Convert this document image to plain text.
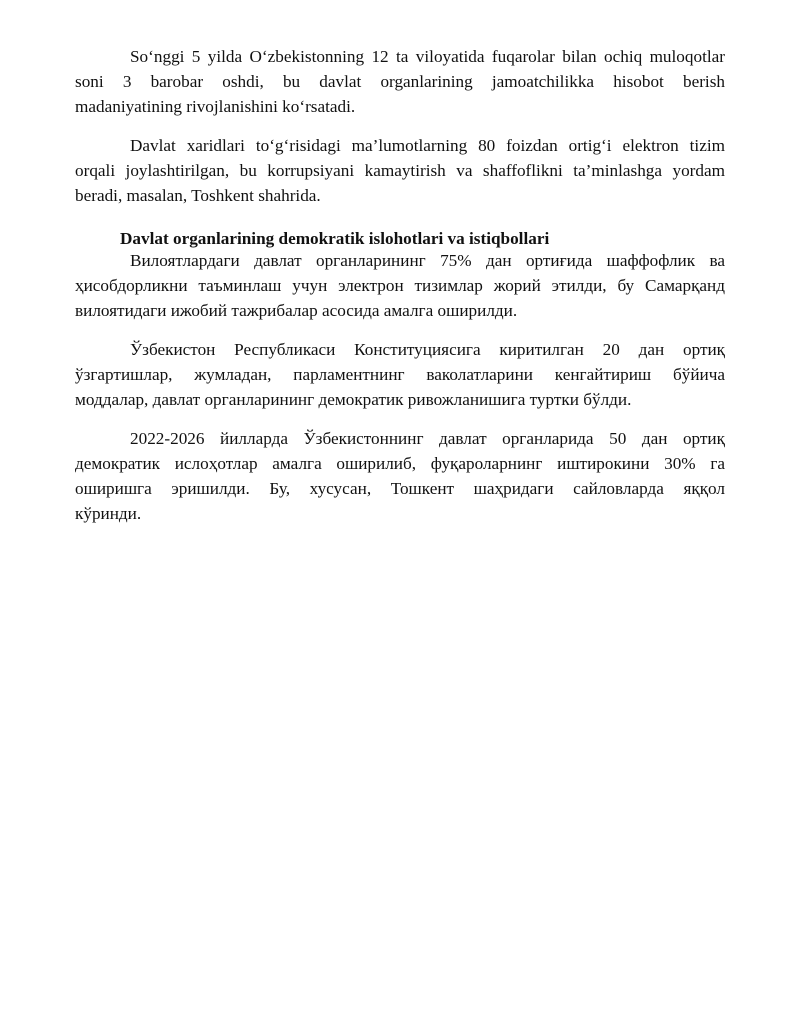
So‘nggi 5 yilda O‘zbekistonning 12 ta viloyatida fuqarolar bilan ochiq muloqotlar
soni 3 barobar oshdi, bu davlat organlarining jamoatchilikka hisobot berish
madaniyatining rivojlanishini ko‘rsatadi.

Davlat xaridlari to‘g‘risidagi ma’lumotlarning 80 foizdan ortig‘i elektron tizim
orqali joylashtirilgan, bu korrupsiyani kamaytirish va shaffoflikni ta’minlashga yordam
beradi, masalan, Toshkent shahrida.

Davlat organlarining demokratik islohotlari va istiqbollari

Вилоятлардаги давлат органларининг 75% дан ортиғида шаффофлик ва
ҳисобдорликни таъминлаш учун электрон тизимлар жорий этилди, бу Самарқанд
вилоятидаги ижобий тажрибалар асосида амалга оширилди.

Ўзбекистон Республикаси Конституциясига киритилган 20 дан ортиқ
ўзгартишлар, жумладан, парламентнинг ваколатларини кенгайтириш бўйича
моддалар, давлат органларининг демократик ривожланишига туртки бўлди.

2022-2026 йилларда Ўзбекистоннинг давлат органларида 50 дан ортиқ
демократик ислоҳотлар амалга оширилиб, фуқароларнинг иштирокини 30% га
оширишга эришилди. Бу, хусусан, Тошкент шаҳридаги сайловларда яққол
кўринди.
